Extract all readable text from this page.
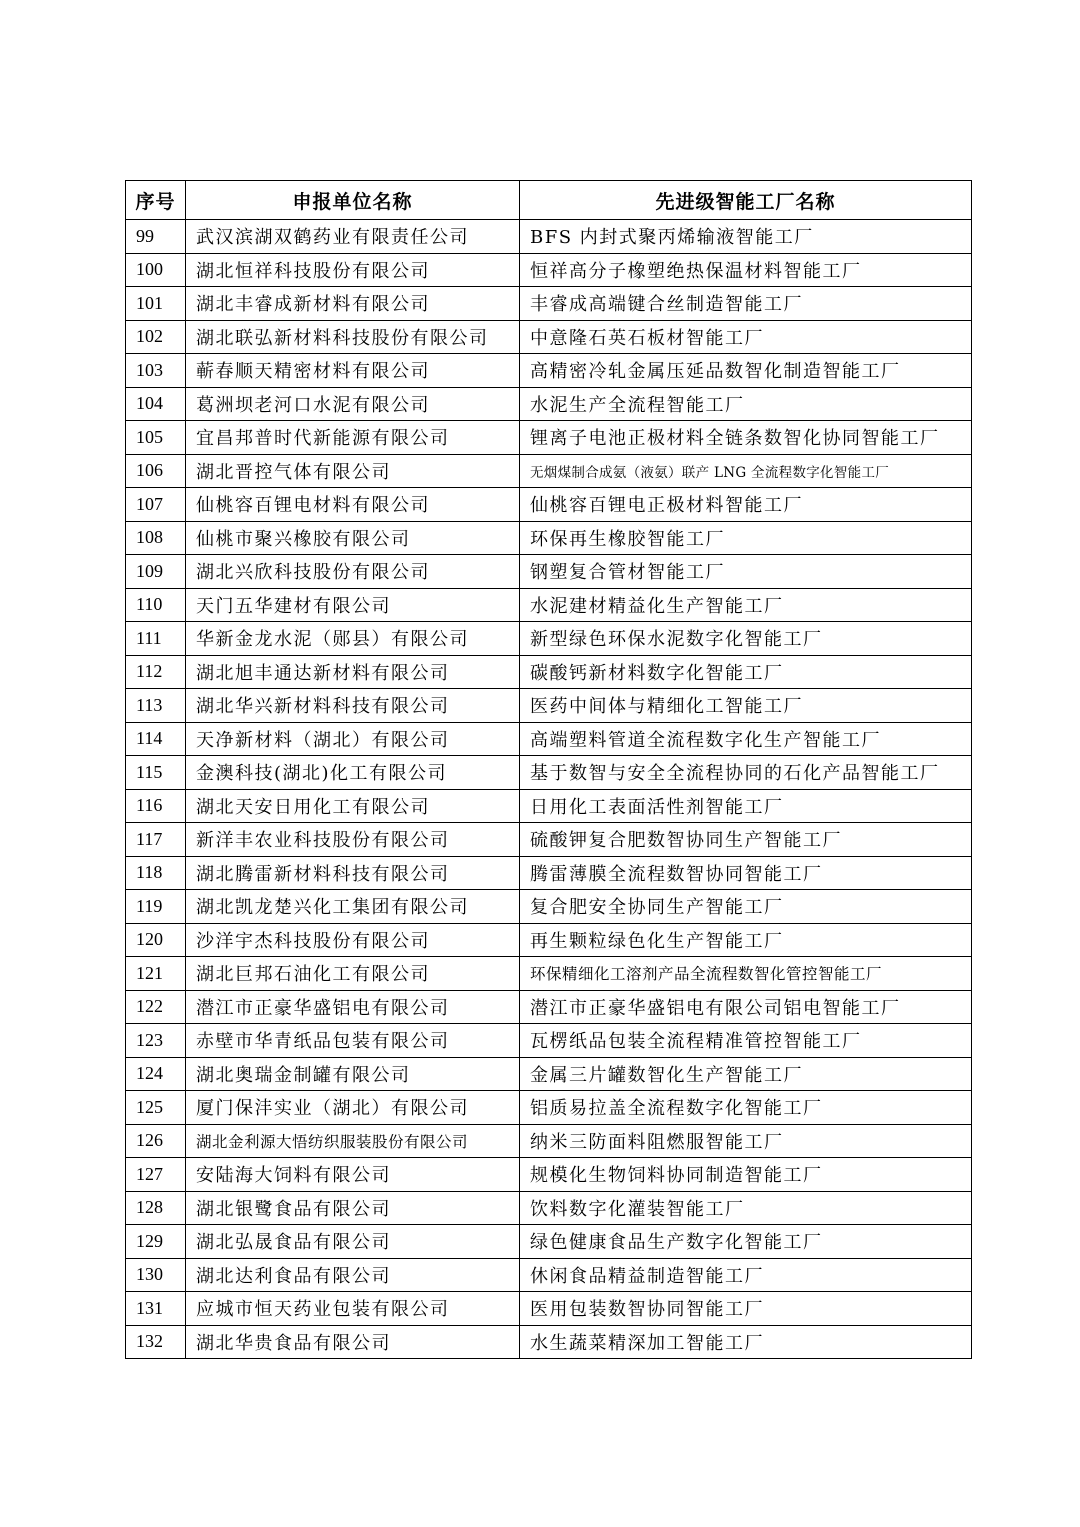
序号	申报单位名称	先进级智能工厂名称
99	武汉滨湖双鹤药业有限责任公司	BFS 内封式聚丙烯输液智能工厂
100	湖北恒祥科技股份有限公司	恒祥高分子橡塑绝热保温材料智能工厂
101	湖北丰睿成新材料有限公司	丰睿成高端键合丝制造智能工厂
102	湖北联弘新材料科技股份有限公司	中意隆石英石板材智能工厂
103	蕲春顺天精密材料有限公司	高精密冷轧金属压延品数智化制造智能工厂
104	葛洲坝老河口水泥有限公司	水泥生产全流程智能工厂
105	宜昌邦普时代新能源有限公司	锂离子电池正极材料全链条数智化协同智能工厂
106	湖北晋控气体有限公司	无烟煤制合成氨（液氨）联产 LNG 全流程数字化智能工厂
107	仙桃容百锂电材料有限公司	仙桃容百锂电正极材料智能工厂
108	仙桃市聚兴橡胶有限公司	环保再生橡胶智能工厂
109	湖北兴欣科技股份有限公司	钢塑复合管材智能工厂
110	天门五华建材有限公司	水泥建材精益化生产智能工厂
111	华新金龙水泥（郧县）有限公司	新型绿色环保水泥数字化智能工厂
112	湖北旭丰通达新材料有限公司	碳酸钙新材料数字化智能工厂
113	湖北华兴新材料科技有限公司	医药中间体与精细化工智能工厂
114	天净新材料（湖北）有限公司	高端塑料管道全流程数字化生产智能工厂
115	金澳科技(湖北)化工有限公司	基于数智与安全全流程协同的石化产品智能工厂
116	湖北天安日用化工有限公司	日用化工表面活性剂智能工厂
117	新洋丰农业科技股份有限公司	硫酸钾复合肥数智协同生产智能工厂
118	湖北腾雷新材料科技有限公司	腾雷薄膜全流程数智协同智能工厂
119	湖北凯龙楚兴化工集团有限公司	复合肥安全协同生产智能工厂
120	沙洋宇杰科技股份有限公司	再生颗粒绿色化生产智能工厂
121	湖北巨邦石油化工有限公司	环保精细化工溶剂产品全流程数智化管控智能工厂
122	潜江市正豪华盛铝电有限公司	潜江市正豪华盛铝电有限公司铝电智能工厂
123	赤壁市华青纸品包装有限公司	瓦楞纸品包装全流程精准管控智能工厂
124	湖北奥瑞金制罐有限公司	金属三片罐数智化生产智能工厂
125	厦门保沣实业（湖北）有限公司	铝质易拉盖全流程数字化智能工厂
126	湖北金利源大悟纺织服装股份有限公司	纳米三防面料阻燃服智能工厂
127	安陆海大饲料有限公司	规模化生物饲料协同制造智能工厂
128	湖北银鹭食品有限公司	饮料数字化灌装智能工厂
129	湖北弘晟食品有限公司	绿色健康食品生产数字化智能工厂
130	湖北达利食品有限公司	休闲食品精益制造智能工厂
131	应城市恒天药业包装有限公司	医用包装数智协同智能工厂
132	湖北华贵食品有限公司	水生蔬菜精深加工智能工厂
